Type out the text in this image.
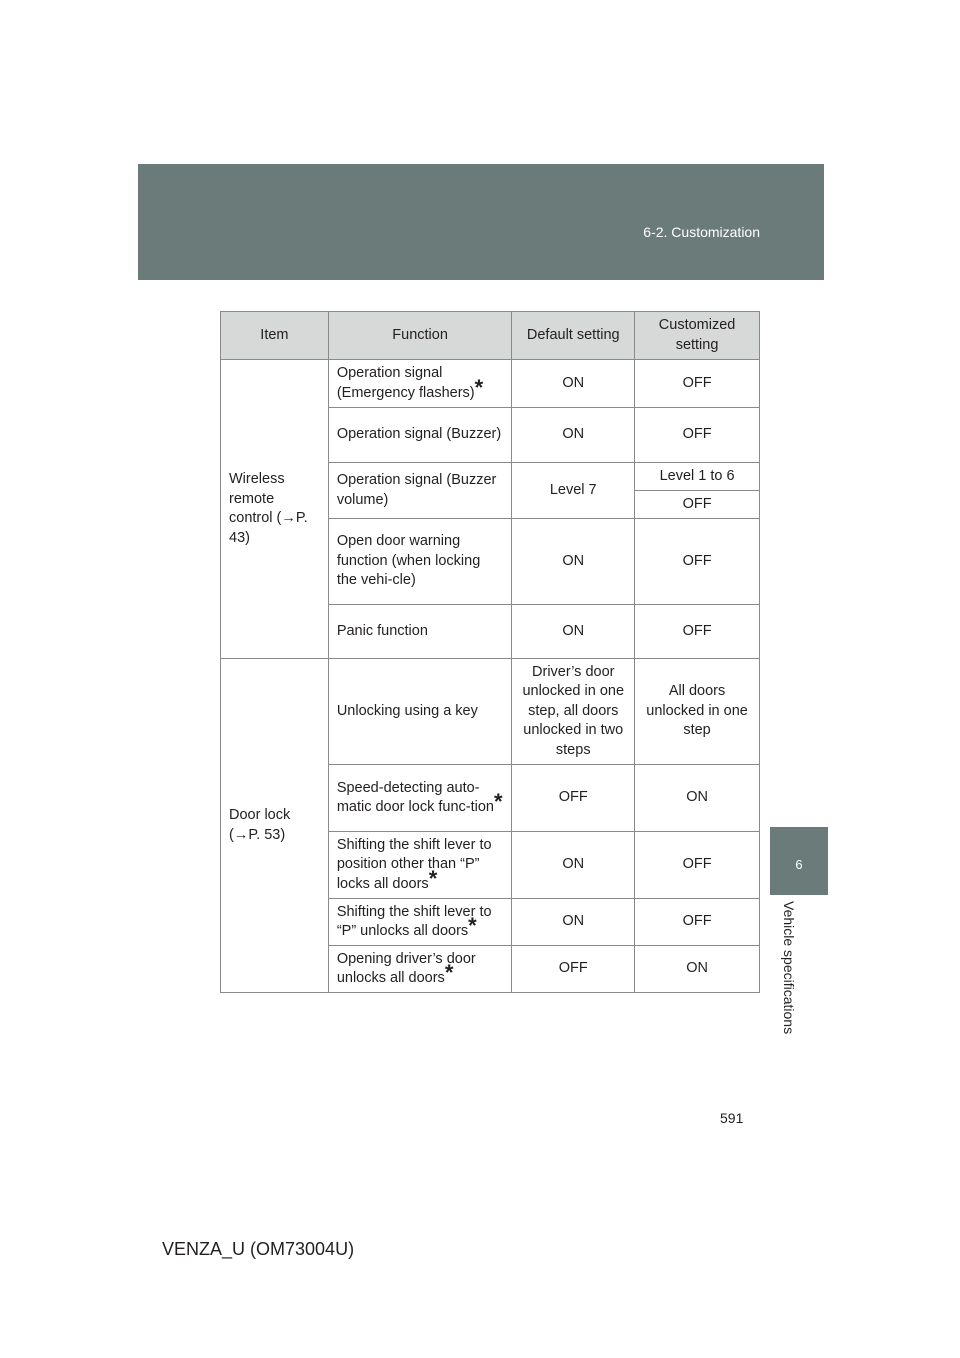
6-2. Customization
6
Vehicle specifications
Item	Function	Default setting	Customized setting
Wireless remote control (→P. 43)	Operation signal (Emergency flashers)*	ON	OFF
	Operation signal (Buzzer)	ON	OFF
	Operation signal (Buzzer volume)	Level 7	Level 1 to 6
			OFF
	Open door warning function (when locking the vehi-cle)	ON	OFF
	Panic function	ON	OFF
Door lock (→P. 53)	Unlocking using a key	Driver’s door unlocked in one step, all doors unlocked in two steps	All doors unlocked in one step
	Speed-detecting auto-matic door lock func-tion*	OFF	ON
	Shifting the shift lever to position other than “P” locks all doors*	ON	OFF
	Shifting the shift lever to “P” unlocks all doors*	ON	OFF
	Opening driver’s door unlocks all doors*	OFF	ON
591
VENZA_U (OM73004U)
